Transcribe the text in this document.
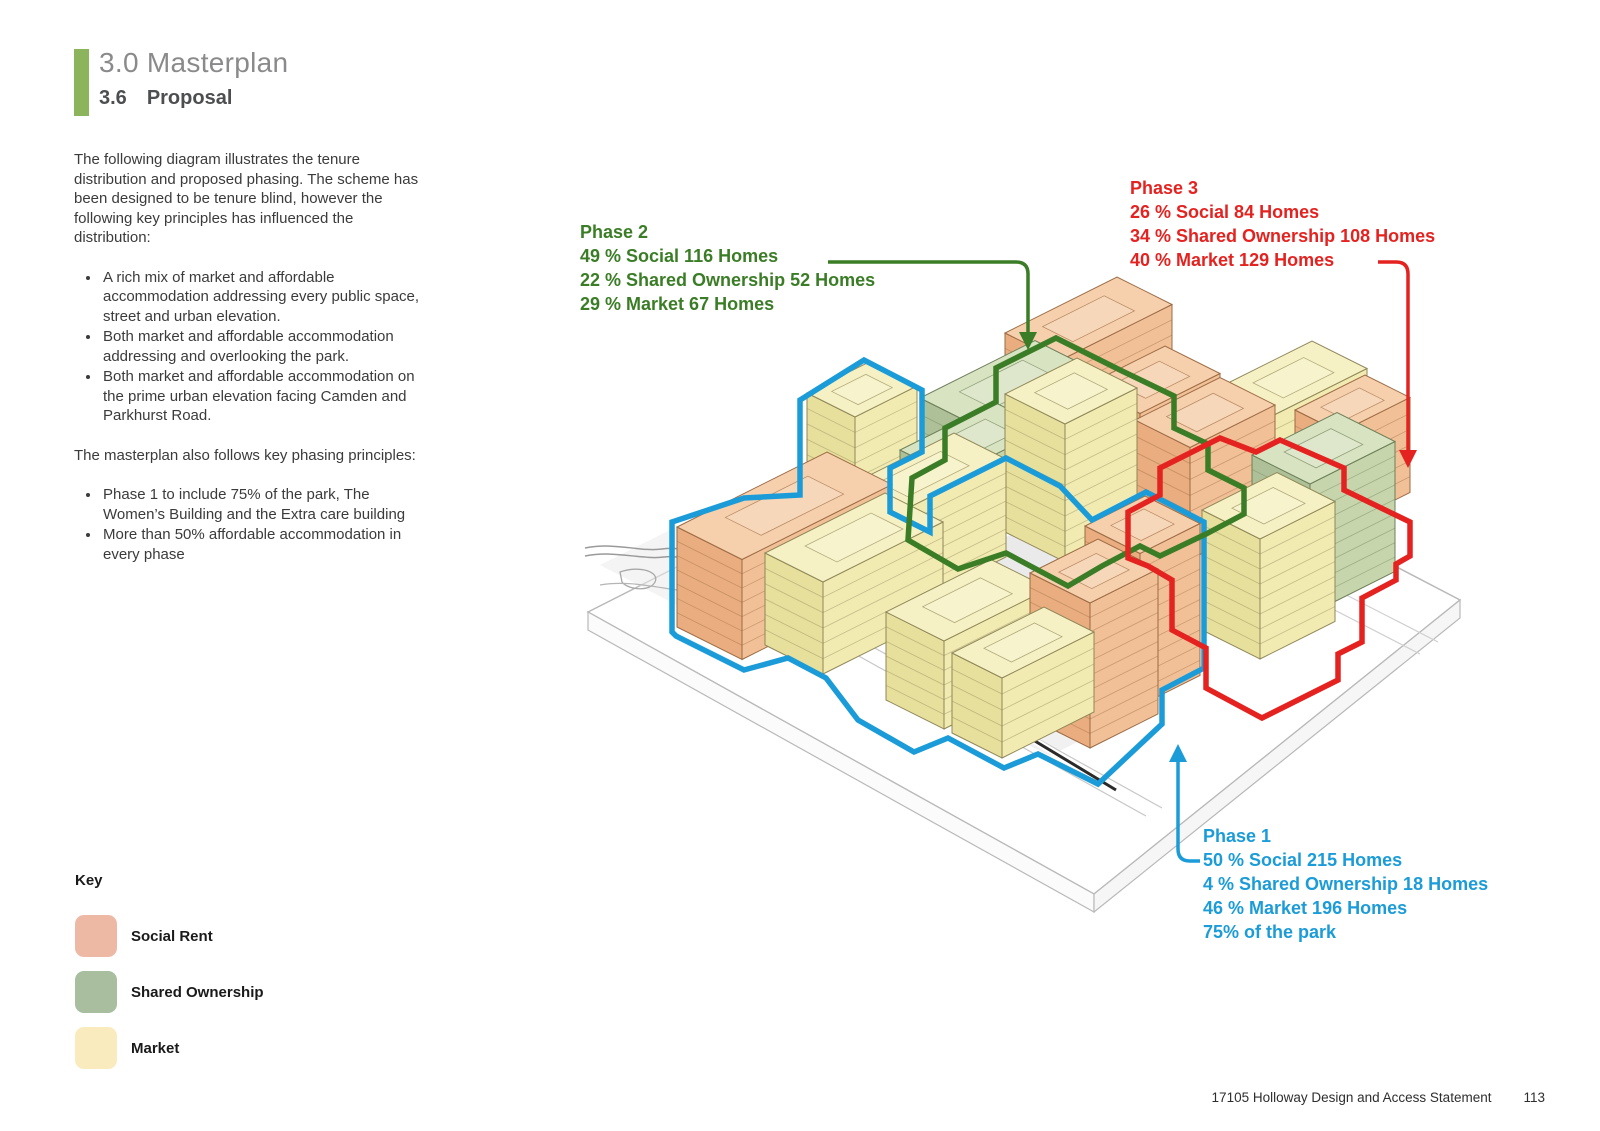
3.0 Masterplan
3.6 Proposal

The following diagram illustrates the tenure distribution and proposed phasing. The scheme has been designed to be tenure blind, however the following key principles has influenced the distribution:

• A rich mix of market and affordable accommodation addressing every public space, street and urban elevation.
• Both market and affordable accommodation addressing and overlooking the park.
• Both market and affordable accommodation on the prime urban elevation facing Camden and Parkhurst Road.

The masterplan also follows key phasing principles:

• Phase 1 to include 75% of the park, The Women’s Building and the Extra care building
• More than 50% affordable accommodation in every phase
Phase 2
49 % Social 116 Homes
22 % Shared Ownership 52 Homes
29 % Market 67 Homes
Phase 3
26 % Social 84 Homes
34 % Shared Ownership 108 Homes
40 % Market 129 Homes
Phase 1
50 % Social 215 Homes
4 % Shared Ownership 18 Homes
46 % Market 196 Homes
75% of the park
Key
Social Rent
Shared Ownership
Market
17105 Holloway Design and Access Statement 113
